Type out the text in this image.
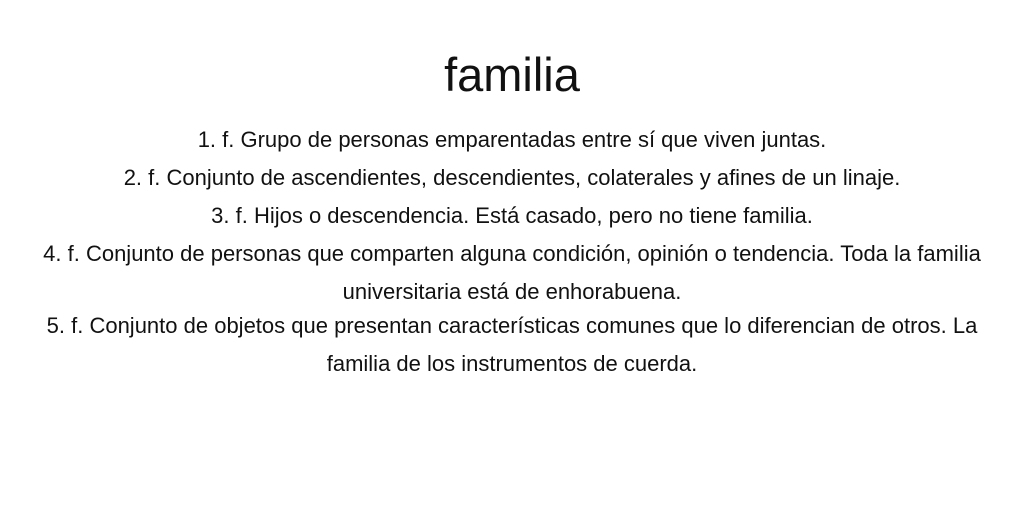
familia
1. f. Grupo de personas emparentadas entre sí que viven juntas.
2. f. Conjunto de ascendientes, descendientes, colaterales y afines de un linaje.
3. f. Hijos o descendencia. Está casado, pero no tiene familia.
4. f. Conjunto de personas que comparten alguna condición, opinión o tendencia. Toda la familia universitaria está de enhorabuena.
5. f. Conjunto de objetos que presentan características comunes que lo diferencian de otros. La familia de los instrumentos de cuerda.
